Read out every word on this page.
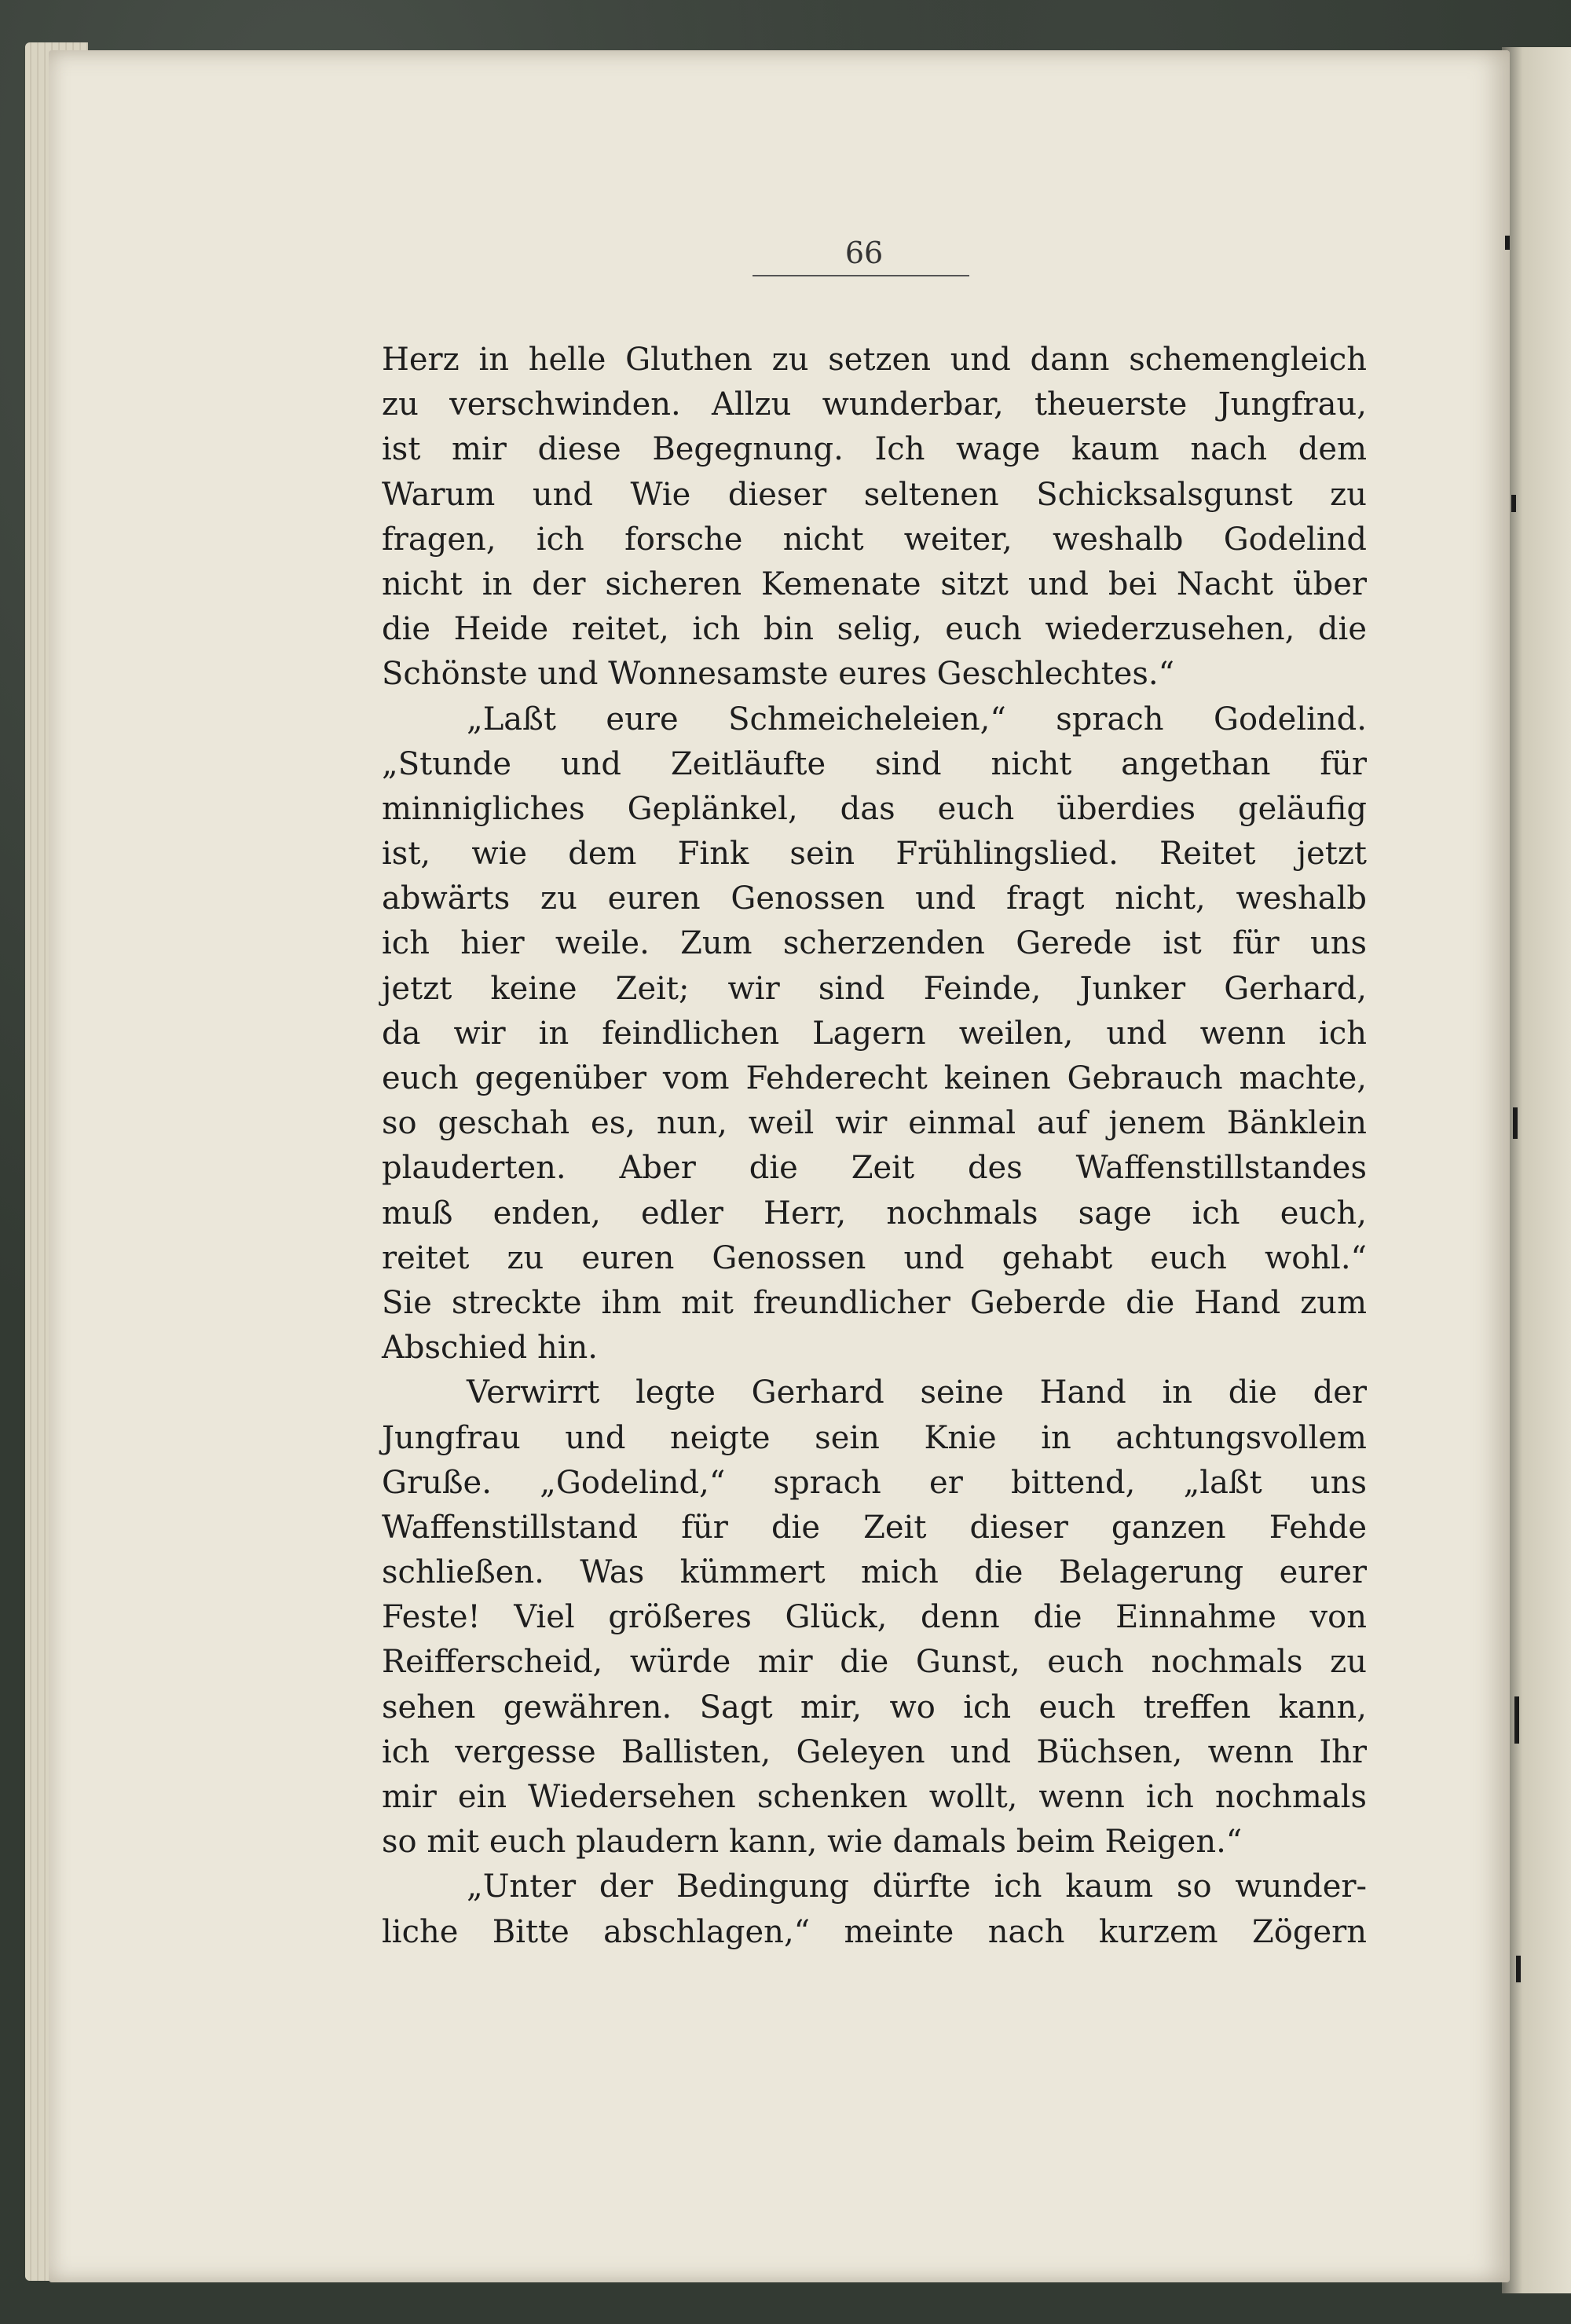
66
Herz in helle Gluthen zu setzen und dann schemengleich
zu verschwinden. Allzu wunderbar, theuerste Jungfrau,
ist mir diese Begegnung. Ich wage kaum nach dem
Warum und Wie dieser seltenen Schicksalsgunst zu
fragen, ich forsche nicht weiter, weshalb Godelind
nicht in der sicheren Kemenate sitzt und bei Nacht über
die Heide reitet, ich bin selig, euch wiederzusehen, die
Schönste und Wonnesamste eures Geschlechtes.“
„Laßt eure Schmeicheleien,“ sprach Godelind.
„Stunde und Zeitläufte sind nicht angethan für
minnigliches Geplänkel, das euch überdies geläufig
ist, wie dem Fink sein Frühlingslied. Reitet jetzt
abwärts zu euren Genossen und fragt nicht, weshalb
ich hier weile. Zum scherzenden Gerede ist für uns
jetzt keine Zeit; wir sind Feinde, Junker Gerhard,
da wir in feindlichen Lagern weilen, und wenn ich
euch gegenüber vom Fehderecht keinen Gebrauch machte,
so geschah es, nun, weil wir einmal auf jenem Bänklein
plauderten. Aber die Zeit des Waffenstillstandes
muß enden, edler Herr, nochmals sage ich euch,
reitet zu euren Genossen und gehabt euch wohl.“
Sie streckte ihm mit freundlicher Geberde die Hand zum
Abschied hin.
Verwirrt legte Gerhard seine Hand in die der
Jungfrau und neigte sein Knie in achtungsvollem
Gruße. „Godelind,“ sprach er bittend, „laßt uns
Waffenstillstand für die Zeit dieser ganzen Fehde
schließen. Was kümmert mich die Belagerung eurer
Feste! Viel größeres Glück, denn die Einnahme von
Reifferscheid, würde mir die Gunst, euch nochmals zu
sehen gewähren. Sagt mir, wo ich euch treffen kann,
ich vergesse Ballisten, Geleyen und Büchsen, wenn Ihr
mir ein Wiedersehen schenken wollt, wenn ich nochmals
so mit euch plaudern kann, wie damals beim Reigen.“
„Unter der Bedingung dürfte ich kaum so wunder-
liche Bitte abschlagen,“ meinte nach kurzem Zögern
